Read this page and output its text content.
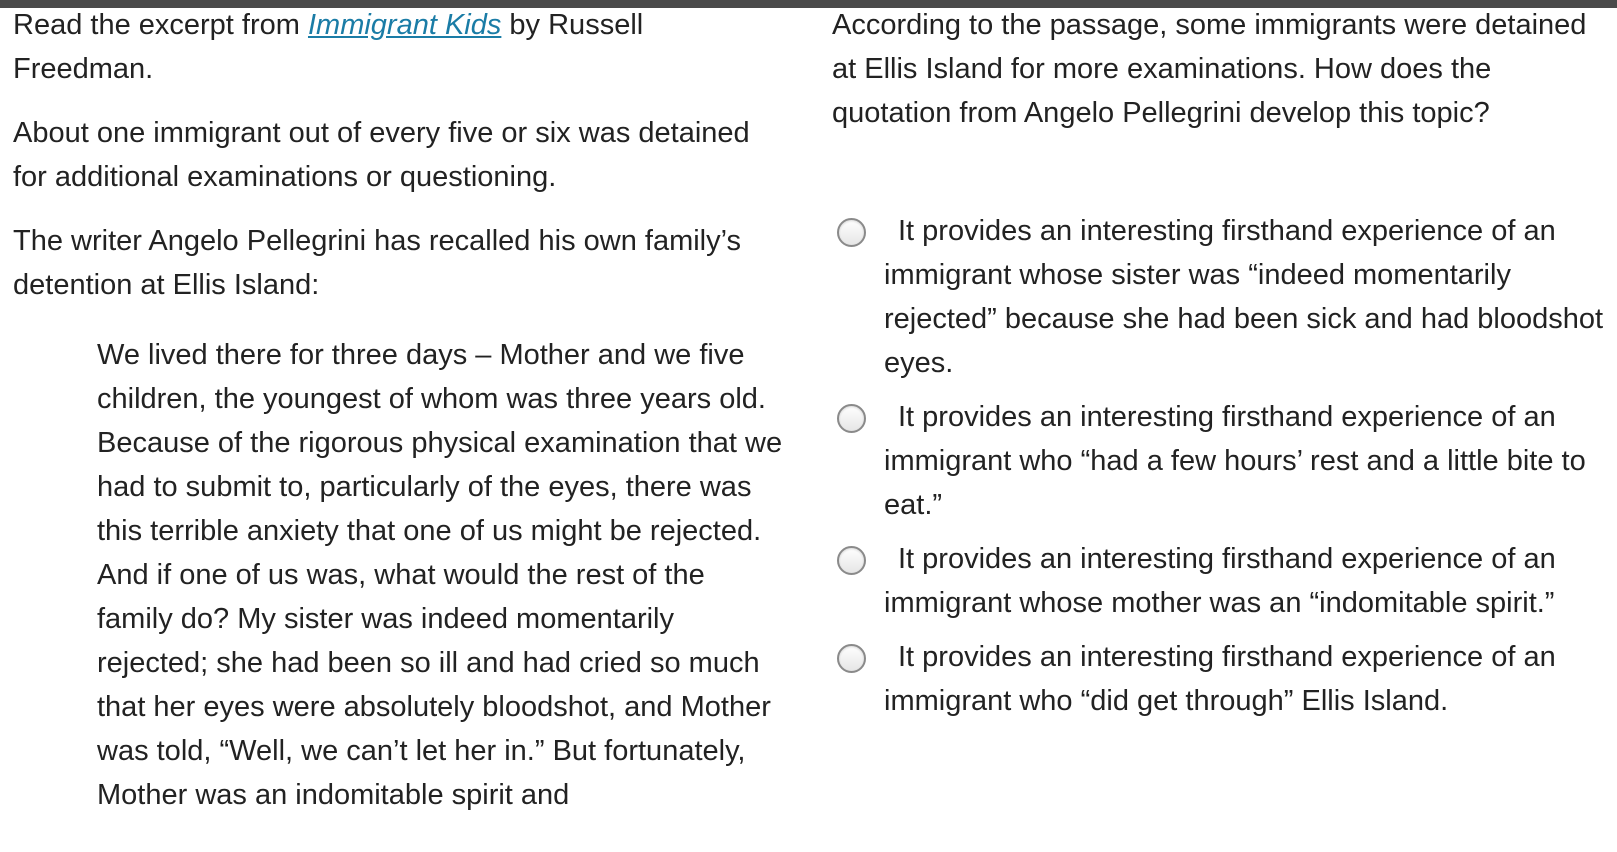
Read the excerpt from Immigrant Kids by Russell Freedman.

About one immigrant out of every five or six was detained for additional examinations or questioning.

The writer Angelo Pellegrini has recalled his own family’s detention at Ellis Island:

We lived there for three days – Mother and we five children, the youngest of whom was three years old. Because of the rigorous physical examination that we had to submit to, particularly of the eyes, there was this terrible anxiety that one of us might be rejected. And if one of us was, what would the rest of the family do? My sister was indeed momentarily rejected; she had been so ill and had cried so much that her eyes were absolutely bloodshot, and Mother was told, “Well, we can’t let her in.” But fortunately, Mother was an indomitable spirit and

According to the passage, some immigrants were detained at Ellis Island for more examinations. How does the quotation from Angelo Pellegrini develop this topic?

It provides an interesting firsthand experience of an immigrant whose sister was “indeed momentarily rejected” because she had been sick and had bloodshot eyes.
It provides an interesting firsthand experience of an immigrant who “had a few hours’ rest and a little bite to eat.”
It provides an interesting firsthand experience of an immigrant whose mother was an “indomitable spirit.”
It provides an interesting firsthand experience of an immigrant who “did get through” Ellis Island.
